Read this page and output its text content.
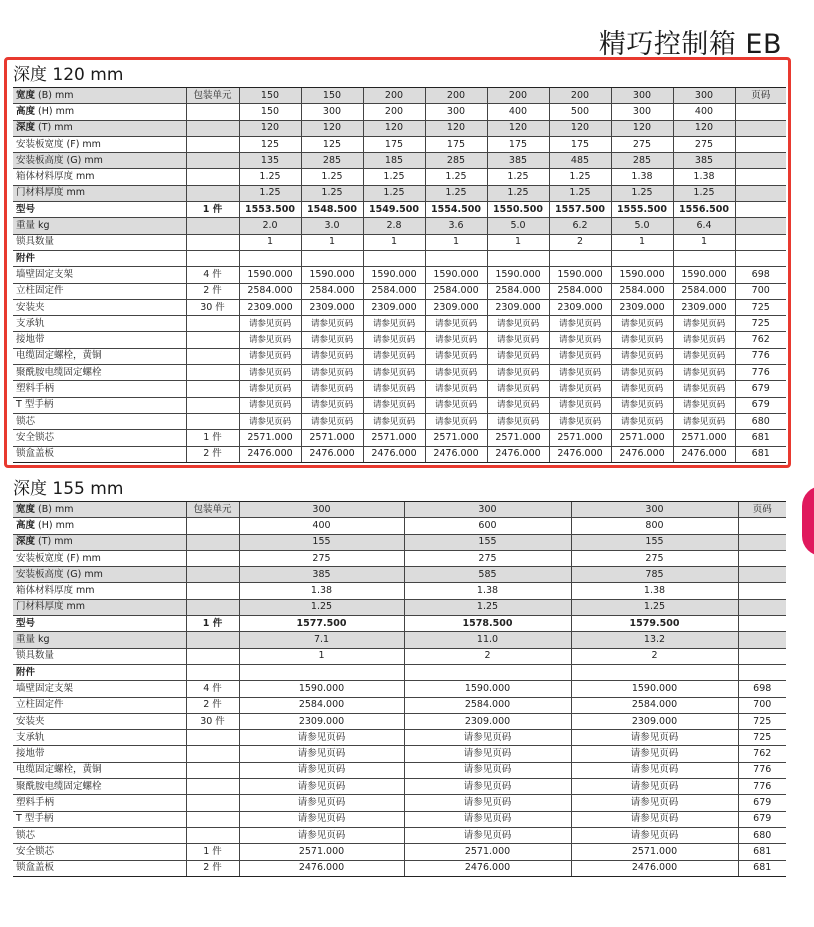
精巧控制箱 EB
深度 120 mm
宽度 (B) mm	包装单元	150	150	200	200	200	200	300	300	页码
高度 (H) mm		150	300	200	300	400	500	300	400	
深度 (T) mm		120	120	120	120	120	120	120	120	
安装板宽度 (F) mm		125	125	175	175	175	175	275	275	
安装板高度 (G) mm		135	285	185	285	385	485	285	385	
箱体材料厚度 mm		1.25	1.25	1.25	1.25	1.25	1.25	1.38	1.38	
门材料厚度 mm		1.25	1.25	1.25	1.25	1.25	1.25	1.25	1.25	
型号	1 件	1553.500	1548.500	1549.500	1554.500	1550.500	1557.500	1555.500	1556.500	
重量 kg		2.0	3.0	2.8	3.6	5.0	6.2	5.0	6.4	
锁具数量		1	1	1	1	1	2	1	1	
附件										
墙壁固定支架	4 件	1590.000	1590.000	1590.000	1590.000	1590.000	1590.000	1590.000	1590.000	698
立柱固定件	2 件	2584.000	2584.000	2584.000	2584.000	2584.000	2584.000	2584.000	2584.000	700
安装夹	30 件	2309.000	2309.000	2309.000	2309.000	2309.000	2309.000	2309.000	2309.000	725
支承轨		请参见页码	请参见页码	请参见页码	请参见页码	请参见页码	请参见页码	请参见页码	请参见页码	725
接地带		请参见页码	请参见页码	请参见页码	请参见页码	请参见页码	请参见页码	请参见页码	请参见页码	762
电缆固定螺栓，黄铜		请参见页码	请参见页码	请参见页码	请参见页码	请参见页码	请参见页码	请参见页码	请参见页码	776
聚酰胺电缆固定螺栓		请参见页码	请参见页码	请参见页码	请参见页码	请参见页码	请参见页码	请参见页码	请参见页码	776
塑料手柄		请参见页码	请参见页码	请参见页码	请参见页码	请参见页码	请参见页码	请参见页码	请参见页码	679
T 型手柄		请参见页码	请参见页码	请参见页码	请参见页码	请参见页码	请参见页码	请参见页码	请参见页码	679
锁芯		请参见页码	请参见页码	请参见页码	请参见页码	请参见页码	请参见页码	请参见页码	请参见页码	680
安全锁芯	1 件	2571.000	2571.000	2571.000	2571.000	2571.000	2571.000	2571.000	2571.000	681
锁盒盖板	2 件	2476.000	2476.000	2476.000	2476.000	2476.000	2476.000	2476.000	2476.000	681
深度 155 mm
宽度 (B) mm	包装单元	300	300	300	页码
高度 (H) mm		400	600	800	
深度 (T) mm		155	155	155	
安装板宽度 (F) mm		275	275	275	
安装板高度 (G) mm		385	585	785	
箱体材料厚度 mm		1.38	1.38	1.38	
门材料厚度 mm		1.25	1.25	1.25	
型号	1 件	1577.500	1578.500	1579.500	
重量 kg		7.1	11.0	13.2	
锁具数量		1	2	2	
附件					
墙壁固定支架	4 件	1590.000	1590.000	1590.000	698
立柱固定件	2 件	2584.000	2584.000	2584.000	700
安装夹	30 件	2309.000	2309.000	2309.000	725
支承轨		请参见页码	请参见页码	请参见页码	725
接地带		请参见页码	请参见页码	请参见页码	762
电缆固定螺栓，黄铜		请参见页码	请参见页码	请参见页码	776
聚酰胺电缆固定螺栓		请参见页码	请参见页码	请参见页码	776
塑料手柄		请参见页码	请参见页码	请参见页码	679
T 型手柄		请参见页码	请参见页码	请参见页码	679
锁芯		请参见页码	请参见页码	请参见页码	680
安全锁芯	1 件	2571.000	2571.000	2571.000	681
锁盒盖板	2 件	2476.000	2476.000	2476.000	681
